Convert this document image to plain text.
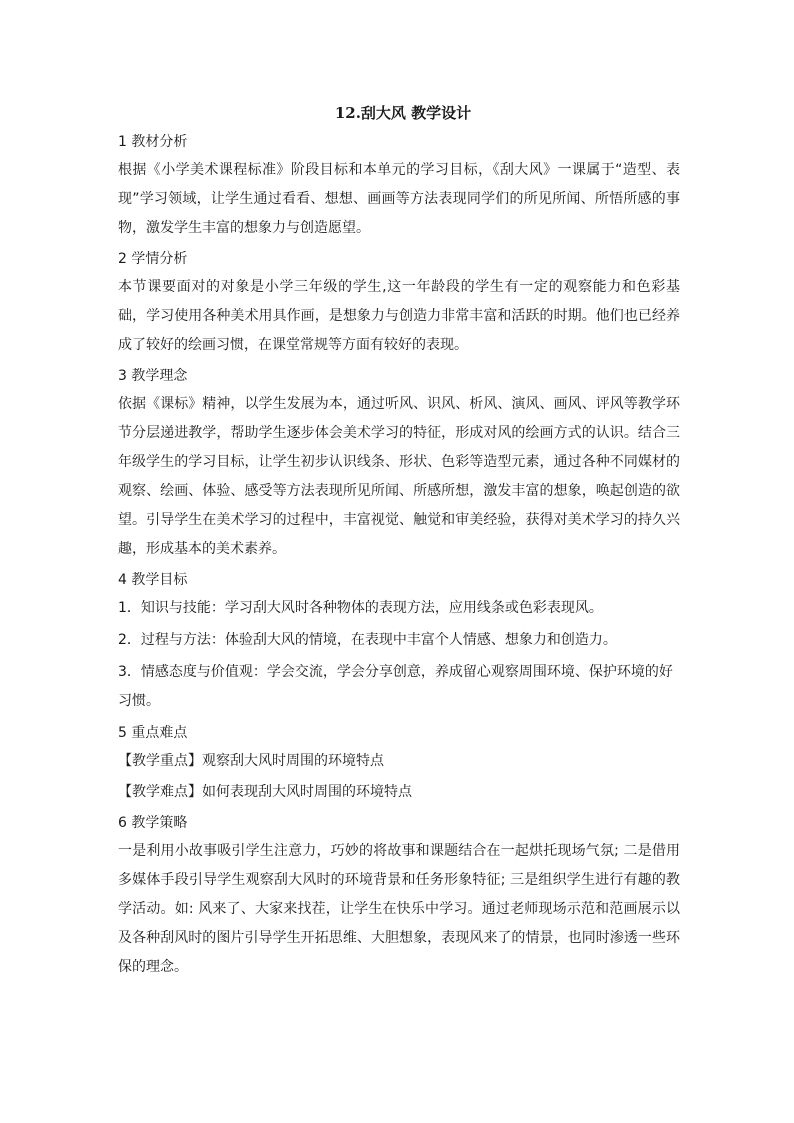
12.刮大风 教学设计
1 教材分析
根据《小学美术课程标准》阶段目标和本单元的学习目标，《刮大风》一课属于“造型、表现”学习领域，让学生通过看看、想想、画画等方法表现同学们的所见所闻、所悟所感的事物，激发学生丰富的想象力与创造愿望。
2 学情分析
本节课要面对的对象是小学三年级的学生,这一年龄段的学生有一定的观察能力和色彩基础，学习使用各种美术用具作画，是想象力与创造力非常丰富和活跃的时期。他们也已经养成了较好的绘画习惯，在课堂常规等方面有较好的表现。
3 教学理念
依据《课标》精神，以学生发展为本，通过听风、识风、析风、演风、画风、评风等教学环节分层递进教学，帮助学生逐步体会美术学习的特征，形成对风的绘画方式的认识。结合三年级学生的学习目标，让学生初步认识线条、形状、色彩等造型元素，通过各种不同媒材的观察、绘画、体验、感受等方法表现所见所闻、所感所想，激发丰富的想象，唤起创造的欲望。引导学生在美术学习的过程中，丰富视觉、触觉和审美经验，获得对美术学习的持久兴趣，形成基本的美术素养。
4 教学目标
1．知识与技能：学习刮大风时各种物体的表现方法，应用线条或色彩表现风。
2．过程与方法：体验刮大风的情境，在表现中丰富个人情感、想象力和创造力。
3．情感态度与价值观：学会交流，学会分享创意，养成留心观察周围环境、保护环境的好习惯。
5 重点难点
【教学重点】观察刮大风时周围的环境特点
【教学难点】如何表现刮大风时周围的环境特点
6 教学策略
一是利用小故事吸引学生注意力，巧妙的将故事和课题结合在一起烘托现场气氛; 二是借用多媒体手段引导学生观察刮大风时的环境背景和任务形象特征; 三是组织学生进行有趣的教学活动。如: 风来了、大家来找茬，让学生在快乐中学习。通过老师现场示范和范画展示以及各种刮风时的图片引导学生开拓思维、大胆想象，表现风来了的情景，也同时渗透一些环保的理念。
